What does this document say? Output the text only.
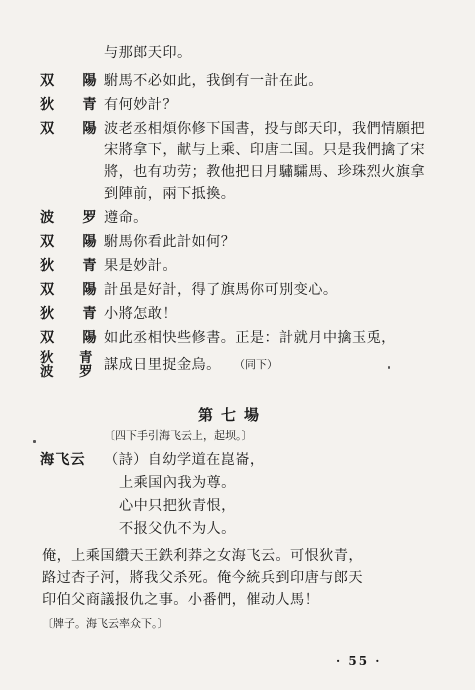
与那郎天印。
双　陽 駙馬不必如此，我倒有一計在此。
狄　青 有何妙計？
双　陽 波老丞相煩你修下国書，投与郎天印，我們情願把
宋將拿下，献与上乘、印唐二国。只是我們擒了宋
將，也有功劳；教他把日月驌驦馬、珍珠烈火旗拿
到陣前，兩下抵換。
波　罗 遵命。
双　陽 駙馬你看此計如何？
狄　青 果是妙計。
双　陽 計虽是好計，得了旗馬你可別变心。
狄　青 小將怎敢！
双　陽 如此丞相快些修書。正是：計就月中擒玉兎，
狄　青
波　罗 謀成日里捉金烏。 （同下）
第七場
〔四下手引海飞云上，起坝。〕
海飞云 （詩）自幼学道在崑崙，
上乘国內我为尊。
心中只把狄青恨，
不报父仇不为人。
俺，上乘国纘天王鉄利莽之女海飞云。可恨狄青，
路过杏子河，將我父杀死。俺今統兵到印唐与郎天
印伯父商議报仇之事。小番們，催动人馬！
〔牌子。海飞云率众下。〕
· 55 ·
